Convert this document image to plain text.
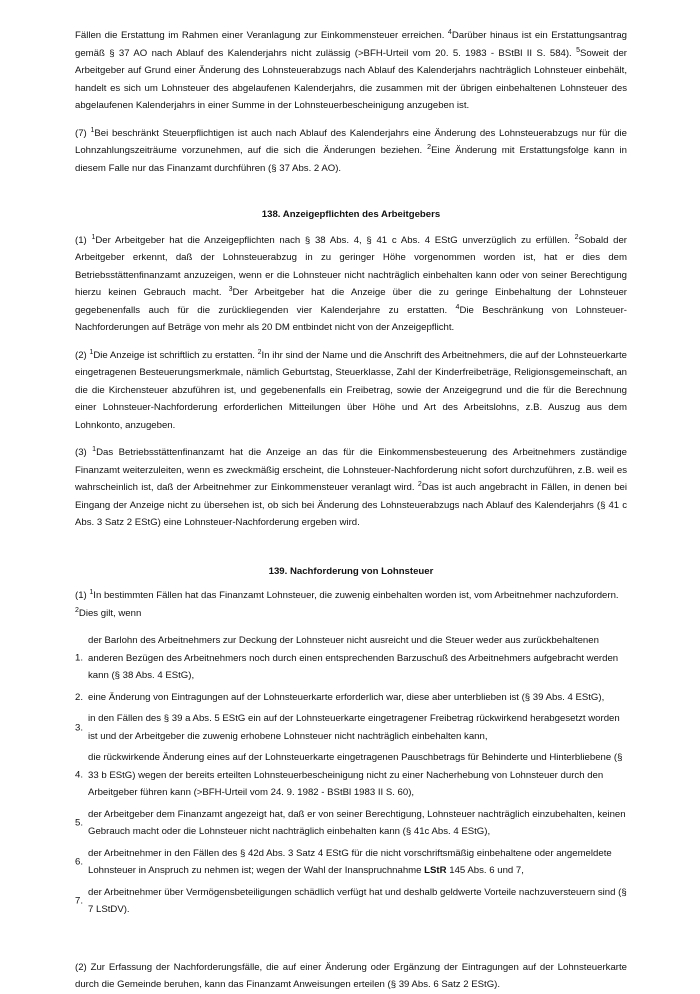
Fällen die Erstattung im Rahmen einer Veranlagung zur Einkommensteuer erreichen. $^4$Darüber hinaus ist ein Erstattungsantrag gemäß § 37 AO nach Ablauf des Kalenderjahrs nicht zulässig (>BFH-Urteil vom 20. 5. 1983 - BStBl II S. 584). $^5$Soweit der Arbeitgeber auf Grund einer Änderung des Lohnsteuerabzugs nach Ablauf des Kalenderjahrs nachträglich Lohnsteuer einbehält, handelt es sich um Lohnsteuer des abgelaufenen Kalenderjahrs, die zusammen mit der übrigen einbehaltenen Lohnsteuer des abgelaufenen Kalenderjahrs in einer Summe in der Lohnsteuerbescheinigung anzugeben ist.

(7) $^1$Bei beschränkt Steuerpflichtigen ist auch nach Ablauf des Kalenderjahrs eine Änderung des Lohnsteuerabzugs nur für die Lohnzahlungszeiträume vorzunehmen, auf die sich die Änderungen beziehen. $^2$Eine Änderung mit Erstattungsfolge kann in diesem Falle nur das Finanzamt durchführen (§ 37 Abs. 2 AO).

138. Anzeigepflichten des Arbeitgebers

(1) $^1$Der Arbeitgeber hat die Anzeigepflichten nach § 38 Abs. 4, § 41 c Abs. 4 EStG unverzüglich zu erfüllen. $^2$Sobald der Arbeitgeber erkennt, daß der Lohnsteuerabzug in zu geringer Höhe vorgenommen worden ist, hat er dies dem Betriebsstättenfinanzamt anzuzeigen, wenn er die Lohnsteuer nicht nachträglich einbehalten kann oder von seiner Berechtigung hierzu keinen Gebrauch macht. $^3$Der Arbeitgeber hat die Anzeige über die zu geringe Einbehaltung der Lohnsteuer gegebenenfalls auch für die zurückliegenden vier Kalenderjahre zu erstatten. $^4$Die Beschränkung von Lohnsteuer-Nachforderungen auf Beträge von mehr als 20 DM entbindet nicht von der Anzeigepflicht.

(2) $^1$Die Anzeige ist schriftlich zu erstatten. $^2$In ihr sind der Name und die Anschrift des Arbeitnehmers, die auf der Lohnsteuerkarte eingetragenen Besteuerungsmerkmale, nämlich Geburtstag, Steuerklasse, Zahl der Kinderfreibeträge, Religionsgemeinschaft, an die die Kirchensteuer abzuführen ist, und gegebenenfalls ein Freibetrag, sowie der Anzeigegrund und die für die Berechnung einer Lohnsteuer-Nachforderung erforderlichen Mitteilungen über Höhe und Art des Arbeitslohns, z.B. Auszug aus dem Lohnkonto, anzugeben.

(3) $^1$Das Betriebsstättenfinanzamt hat die Anzeige an das für die Einkommensbesteuerung des Arbeitnehmers zuständige Finanzamt weiterzuleiten, wenn es zweckmäßig erscheint, die Lohnsteuer-Nachforderung nicht sofort durchzuführen, z.B. weil es wahrscheinlich ist, daß der Arbeitnehmer zur Einkommensteuer veranlagt wird. $^2$Das ist auch angebracht in Fällen, in denen bei Eingang der Anzeige nicht zu übersehen ist, ob sich bei Änderung des Lohnsteuerabzugs nach Ablauf des Kalenderjahrs (§ 41 c Abs. 3 Satz 2 EStG) eine Lohnsteuer-Nachforderung ergeben wird.

139. Nachforderung von Lohnsteuer

(1) $^1$In bestimmten Fällen hat das Finanzamt Lohnsteuer, die zuwenig einbehalten worden ist, vom Arbeitnehmer nachzufordern.
$^2$Dies gilt, wenn

1.
der Barlohn des Arbeitnehmers zur Deckung der Lohnsteuer nicht ausreicht und die Steuer weder aus zurückbehaltenen anderen Bezügen des Arbeitnehmers noch durch einen entsprechenden Barzuschuß des Arbeitnehmers aufgebracht werden kann (§ 38 Abs. 4 EStG),
2. eine Änderung von Eintragungen auf der Lohnsteuerkarte erforderlich war, diese aber unterblieben ist (§ 39 Abs. 4 EStG),
3.
in den Fällen des § 39 a Abs. 5 EStG ein auf der Lohnsteuerkarte eingetragener Freibetrag rückwirkend herabgesetzt worden ist und der Arbeitgeber die zuwenig erhobene Lohnsteuer nicht nachträglich einbehalten kann,
4.
die rückwirkende Änderung eines auf der Lohnsteuerkarte eingetragenen Pauschbetrags für Behinderte und Hinterbliebene (§ 33 b EStG) wegen der bereits erteilten Lohnsteuerbescheinigung nicht zu einer Nacherhebung von Lohnsteuer durch den Arbeitgeber führen kann (>BFH-Urteil vom 24. 9. 1982 - BStBl 1983 II S. 60),
5.
der Arbeitgeber dem Finanzamt angezeigt hat, daß er von seiner Berechtigung, Lohnsteuer nachträglich einzubehalten, keinen Gebrauch macht oder die Lohnsteuer nicht nachträglich einbehalten kann (§ 41c Abs. 4 EStG),
6.
der Arbeitnehmer in den Fällen des § 42d Abs. 3 Satz 4 EStG für die nicht vorschriftsmäßig einbehaltene oder angemeldete Lohnsteuer in Anspruch zu nehmen ist; wegen der Wahl der Inanspruchnahme LStR 145 Abs. 6 und 7,
7.
der Arbeitnehmer über Vermögensbeteiligungen schädlich verfügt hat und deshalb geldwerte Vorteile nachzuversteuern sind (§ 7 LStDV).

(2) Zur Erfassung der Nachforderungsfälle, die auf einer Änderung oder Ergänzung der Eintragungen auf der Lohnsteuerkarte durch die Gemeinde beruhen, kann das Finanzamt Anweisungen erteilen (§ 39 Abs. 6 Satz 2 EStG).
